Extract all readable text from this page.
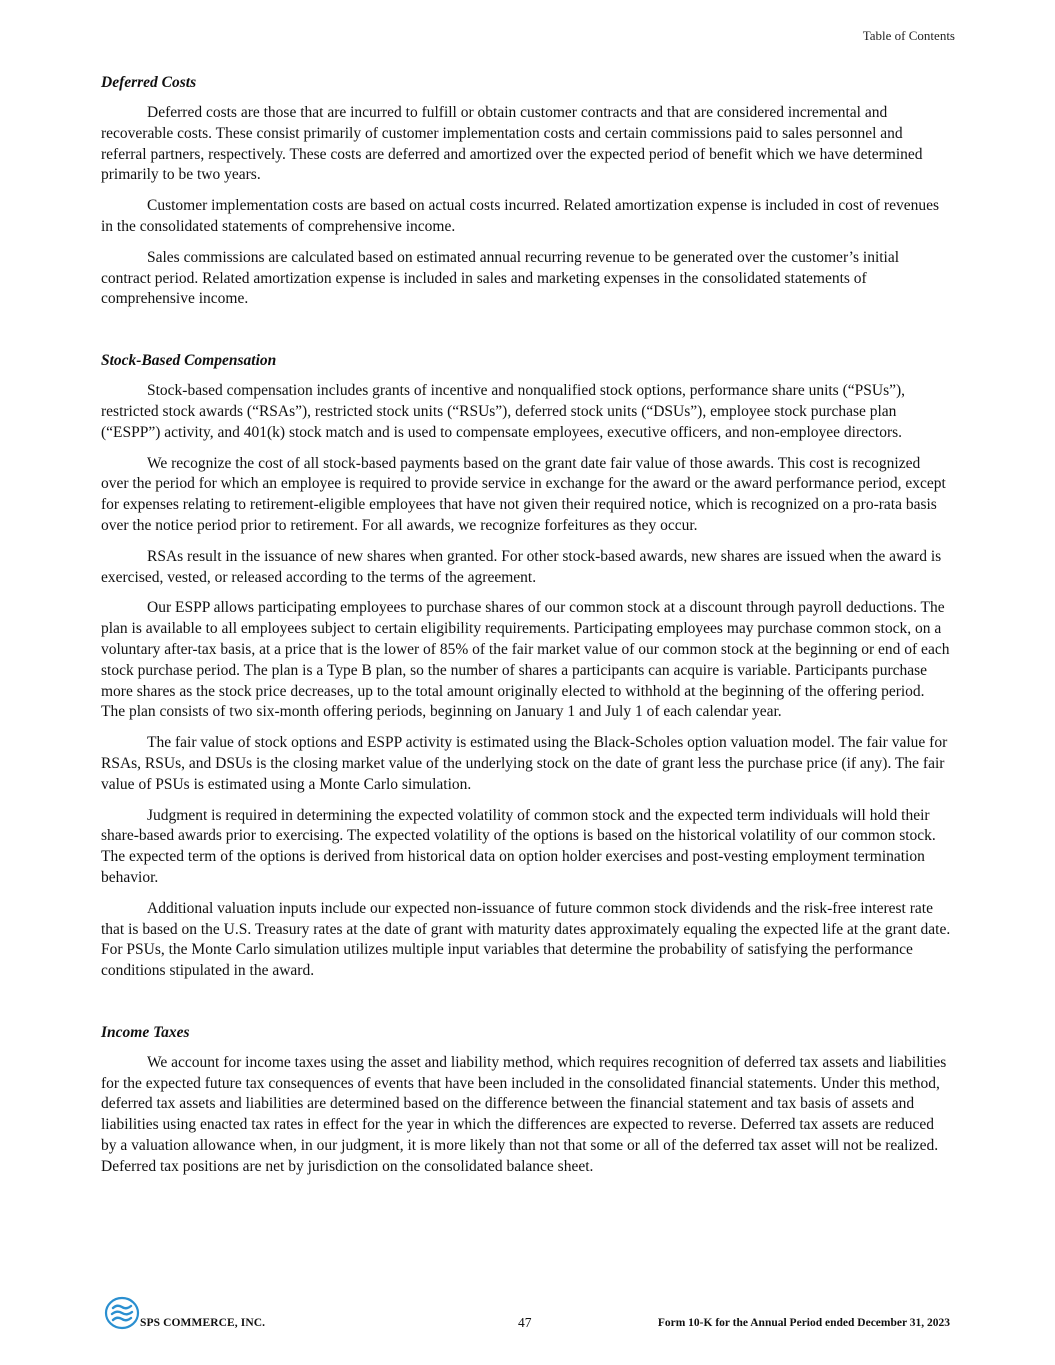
Table of Contents
Deferred Costs

Deferred costs are those that are incurred to fulfill or obtain customer contracts and that are considered incremental and recoverable costs. These consist primarily of customer implementation costs and certain commissions paid to sales personnel and referral partners, respectively. These costs are deferred and amortized over the expected period of benefit which we have determined primarily to be two years.

Customer implementation costs are based on actual costs incurred. Related amortization expense is included in cost of revenues in the consolidated statements of comprehensive income.

Sales commissions are calculated based on estimated annual recurring revenue to be generated over the customer’s initial contract period. Related amortization expense is included in sales and marketing expenses in the consolidated statements of comprehensive income.

Stock-Based Compensation

Stock-based compensation includes grants of incentive and nonqualified stock options, performance share units (“PSUs”), restricted stock awards (“RSAs”), restricted stock units (“RSUs”), deferred stock units (“DSUs”), employee stock purchase plan (“ESPP”) activity, and 401(k) stock match and is used to compensate employees, executive officers, and non-employee directors.

We recognize the cost of all stock-based payments based on the grant date fair value of those awards. This cost is recognized over the period for which an employee is required to provide service in exchange for the award or the award performance period, except for expenses relating to retirement-eligible employees that have not given their required notice, which is recognized on a pro-rata basis over the notice period prior to retirement. For all awards, we recognize forfeitures as they occur.

RSAs result in the issuance of new shares when granted. For other stock-based awards, new shares are issued when the award is exercised, vested, or released according to the terms of the agreement.

Our ESPP allows participating employees to purchase shares of our common stock at a discount through payroll deductions. The plan is available to all employees subject to certain eligibility requirements. Participating employees may purchase common stock, on a voluntary after-tax basis, at a price that is the lower of 85% of the fair market value of our common stock at the beginning or end of each stock purchase period. The plan is a Type B plan, so the number of shares a participants can acquire is variable. Participants purchase more shares as the stock price decreases, up to the total amount originally elected to withhold at the beginning of the offering period. The plan consists of two six-month offering periods, beginning on January 1 and July 1 of each calendar year.

The fair value of stock options and ESPP activity is estimated using the Black-Scholes option valuation model. The fair value for RSAs, RSUs, and DSUs is the closing market value of the underlying stock on the date of grant less the purchase price (if any). The fair value of PSUs is estimated using a Monte Carlo simulation.

Judgment is required in determining the expected volatility of common stock and the expected term individuals will hold their share-based awards prior to exercising. The expected volatility of the options is based on the historical volatility of our common stock. The expected term of the options is derived from historical data on option holder exercises and post-vesting employment termination behavior.

Additional valuation inputs include our expected non-issuance of future common stock dividends and the risk-free interest rate that is based on the U.S. Treasury rates at the date of grant with maturity dates approximately equaling the expected life at the grant date. For PSUs, the Monte Carlo simulation utilizes multiple input variables that determine the probability of satisfying the performance conditions stipulated in the award.

Income Taxes

We account for income taxes using the asset and liability method, which requires recognition of deferred tax assets and liabilities for the expected future tax consequences of events that have been included in the consolidated financial statements. Under this method, deferred tax assets and liabilities are determined based on the difference between the financial statement and tax basis of assets and liabilities using enacted tax rates in effect for the year in which the differences are expected to reverse. Deferred tax assets are reduced by a valuation allowance when, in our judgment, it is more likely than not that some or all of the deferred tax asset will not be realized. Deferred tax positions are net by jurisdiction on the consolidated balance sheet.

SPS COMMERCE, INC.	47	Form 10-K for the Annual Period ended December 31, 2023
